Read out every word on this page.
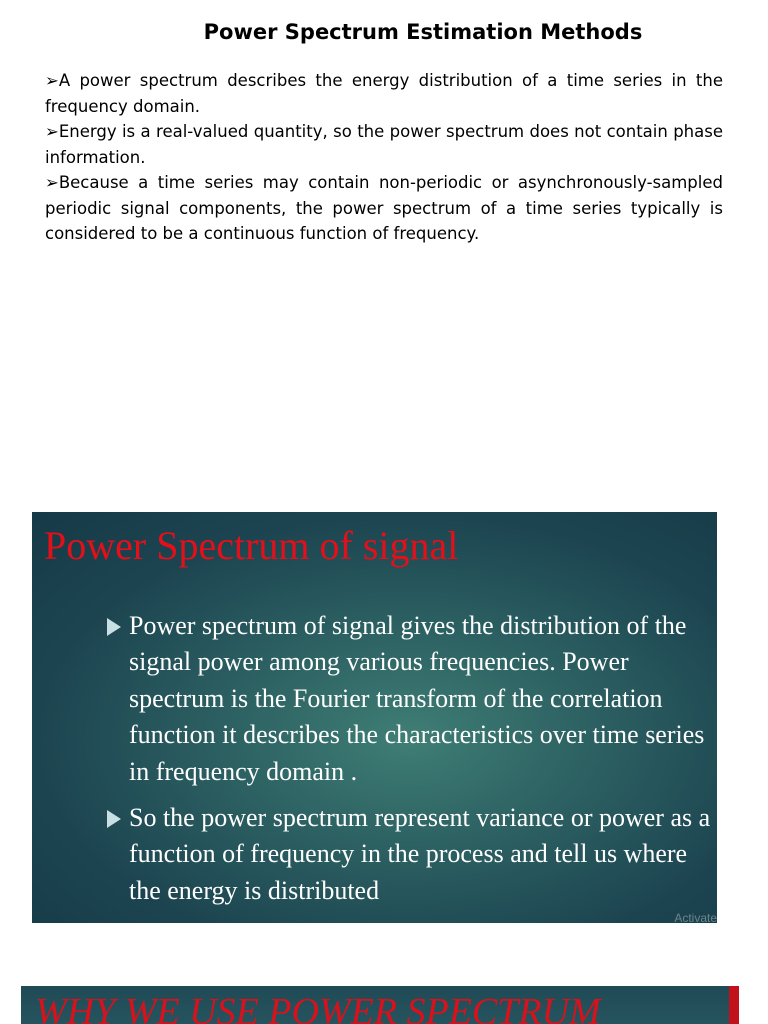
Power Spectrum Estimation Methods

➢A power spectrum describes the energy distribution of a time series in the frequency domain.

➢Energy is a real-valued quantity, so the power spectrum does not contain phase information.

➢Because a time series may contain non-periodic or asynchronously-sampled periodic signal components, the power spectrum of a time series typically is considered to be a continuous function of frequency.

Power Spectrum of signal
Power spectrum of signal gives the distribution of the signal power among various frequencies. Power spectrum is the Fourier transform of the correlation function it describes the characteristics over time series in frequency domain .
So the power spectrum represent variance or power as a function of frequency in the process and tell us where the energy is distributed
Activate
WHY WE USE POWER SPECTRUM
